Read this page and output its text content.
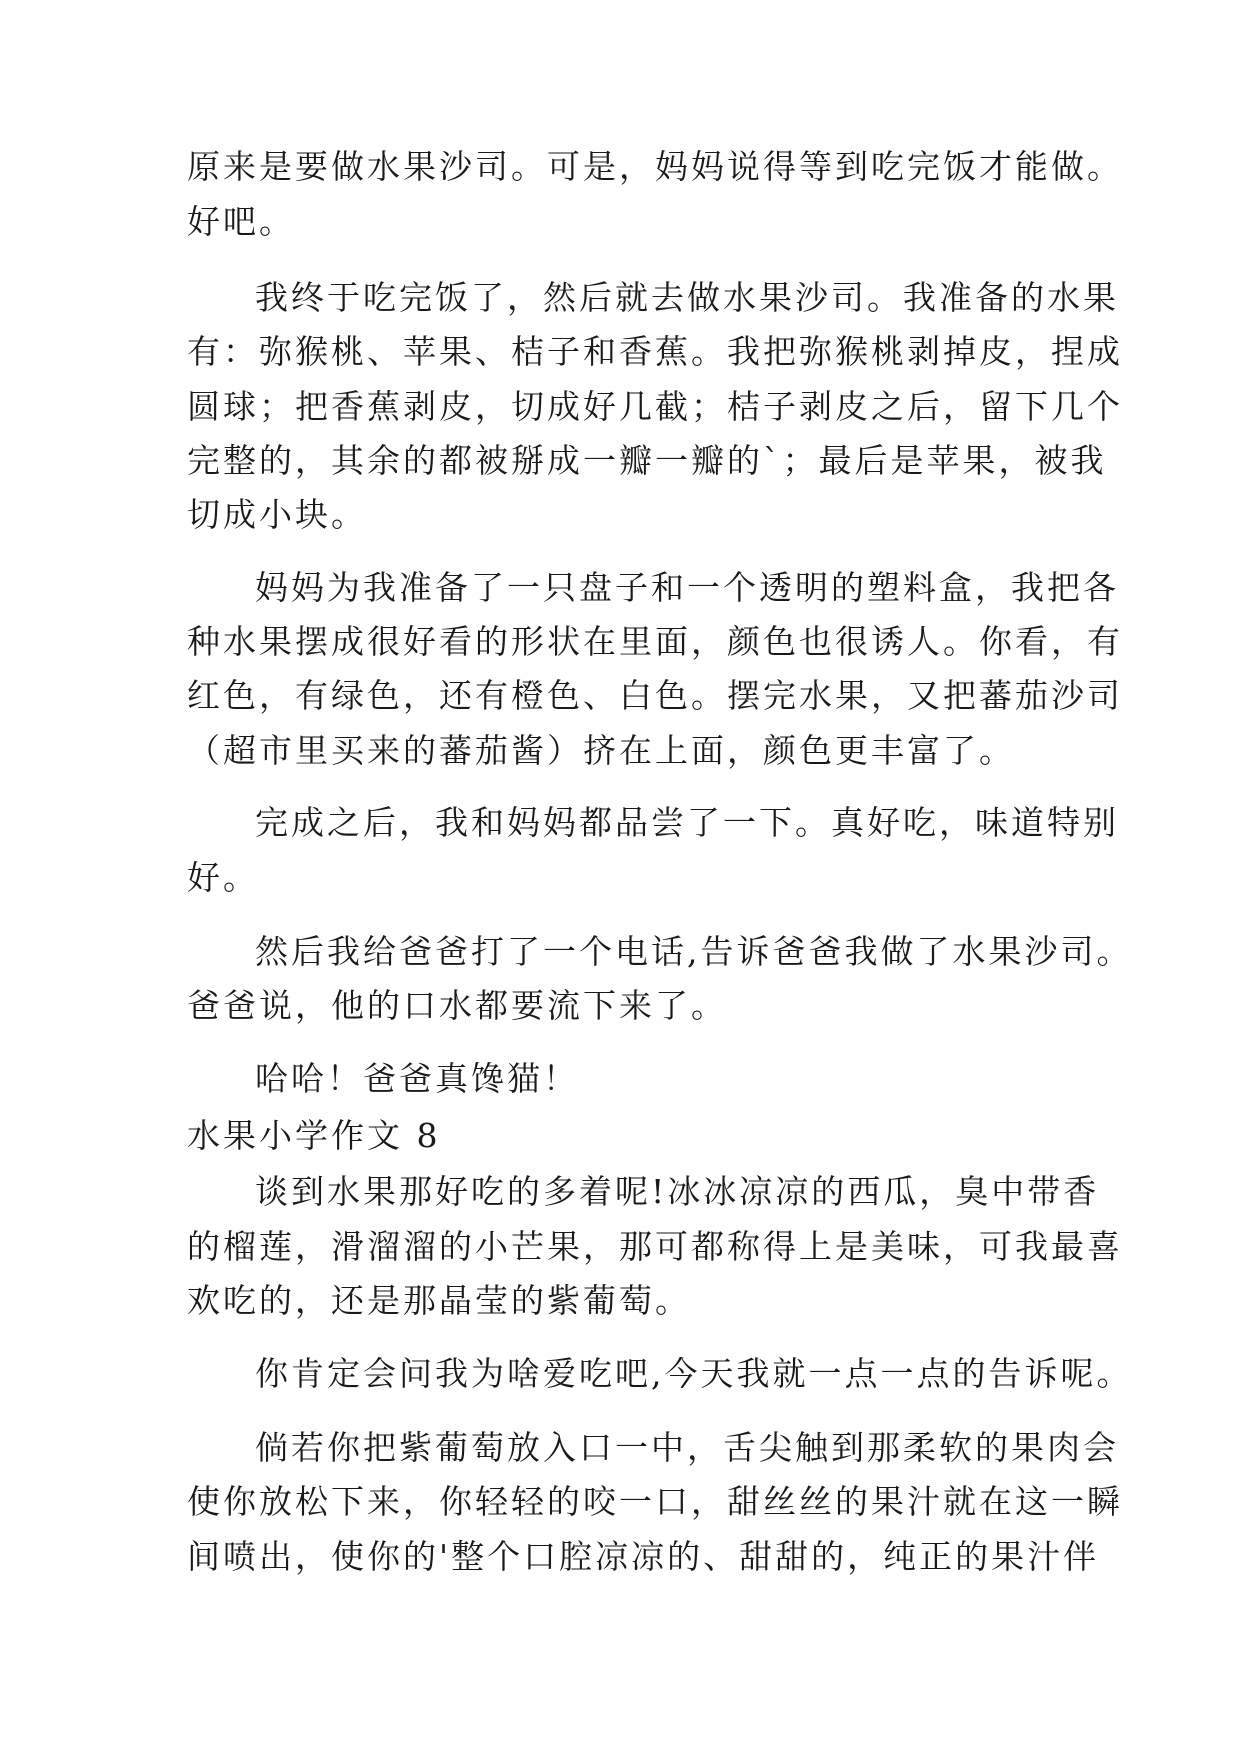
原来是要做水果沙司。可是，妈妈说得等到吃完饭才能做。
好吧。
我终于吃完饭了，然后就去做水果沙司。我准备的水果
有：弥猴桃、苹果、桔子和香蕉。我把弥猴桃剥掉皮，捏成
圆球；把香蕉剥皮，切成好几截；桔子剥皮之后，留下几个
完整的，其余的都被掰成一瓣一瓣的`；最后是苹果，被我
切成小块。
妈妈为我准备了一只盘子和一个透明的塑料盒，我把各
种水果摆成很好看的形状在里面，颜色也很诱人。你看，有
红色，有绿色，还有橙色、白色。摆完水果，又把蕃茄沙司
（超市里买来的蕃茄酱）挤在上面，颜色更丰富了。
完成之后，我和妈妈都品尝了一下。真好吃，味道特别
好。
然后我给爸爸打了一个电话,告诉爸爸我做了水果沙司。
爸爸说，他的口水都要流下来了。
哈哈！爸爸真馋猫！
水果小学作文 8
谈到水果那好吃的多着呢!冰冰凉凉的西瓜，臭中带香
的榴莲，滑溜溜的小芒果，那可都称得上是美味，可我最喜
欢吃的，还是那晶莹的紫葡萄。
你肯定会问我为啥爱吃吧,今天我就一点一点的告诉呢。
倘若你把紫葡萄放入口一中，舌尖触到那柔软的果肉会
使你放松下来，你轻轻的咬一口，甜丝丝的果汁就在这一瞬
间喷出，使你的'整个口腔凉凉的、甜甜的，纯正的果汁伴
